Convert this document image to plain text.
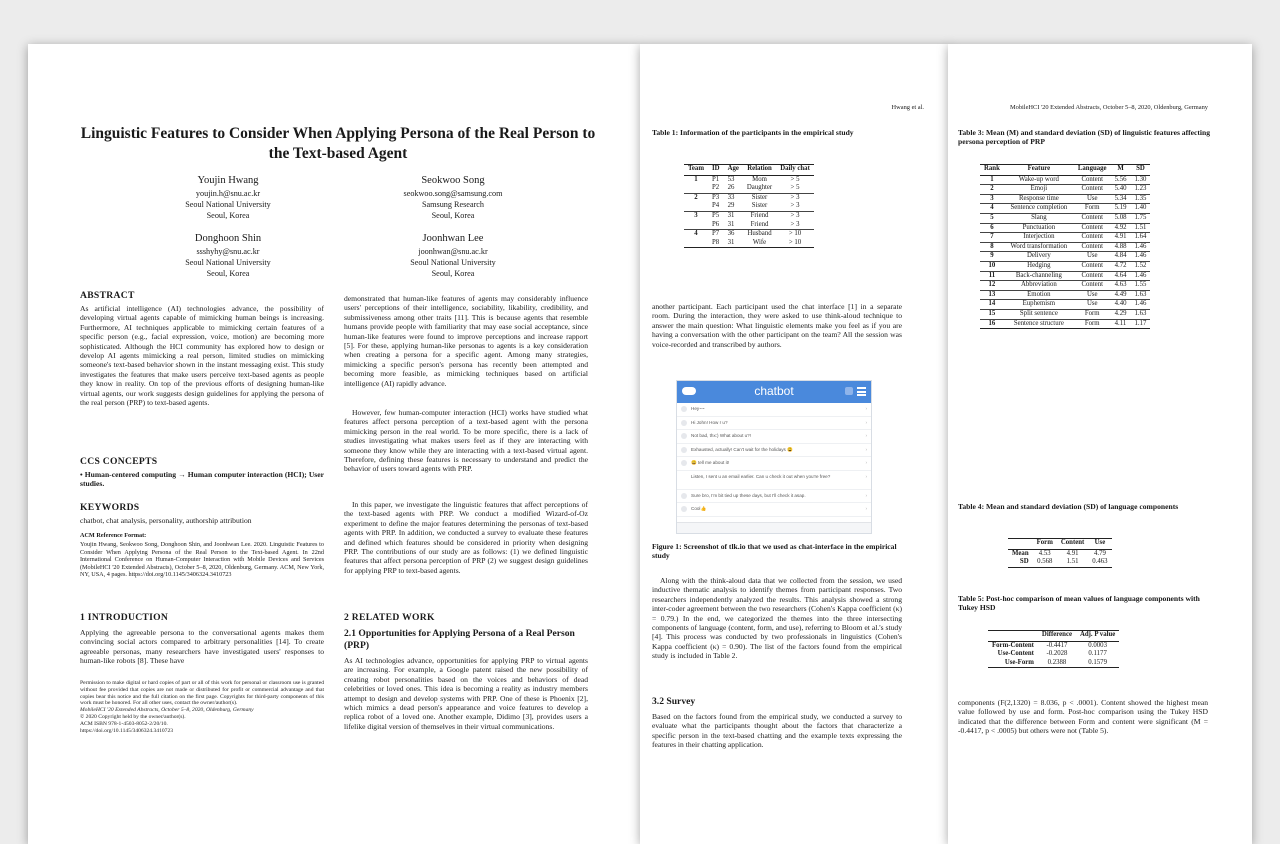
Linguistic Features to Consider When Applying Persona of the Real Person to the Text-based Agent
Youjin Hwang
youjin.h@snu.ac.kr
Seoul National University
Seoul, Korea
Seokwoo Song
seokwoo.song@samsung.com
Samsung Research
Seoul, Korea
Donghoon Shin
ssshyhy@snu.ac.kr
Seoul National University
Seoul, Korea
Joonhwan Lee
joonhwan@snu.ac.kr
Seoul National University
Seoul, Korea
ABSTRACT
As artificial intelligence (AI) technologies advance, the possibility of developing virtual agents capable of mimicking human beings is increasing. Furthermore, AI techniques applicable to mimicking certain features of a specific person (e.g., facial expression, voice, motion) are becoming more sophisticated. Although the HCI community has explored how to design or develop AI agents mimicking a real person, limited studies on mimicking someone's text-based behavior shown in the instant messaging exist. This study investigates the features that make users perceive text-based agents as people they know in reality. On top of the previous efforts of designing human-like virtual agents, our work suggests design guidelines for applying the persona of the real person (PRP) to text-based agents.
CCS CONCEPTS
• Human-centered computing → Human computer interaction (HCI); User studies.
KEYWORDS
chatbot, chat analysis, personality, authorship attribution
ACM Reference Format:
Youjin Hwang, Seokwoo Song, Donghoon Shin, and Joonhwan Lee. 2020. Linguistic Features to Consider When Applying Persona of the Real Person to the Text-based Agent. In 22nd International Conference on Human-Computer Interaction with Mobile Devices and Services (MobileHCI '20 Extended Abstracts), October 5–8, 2020, Oldenburg, Germany. ACM, New York, NY, USA, 4 pages. https://doi.org/10.1145/3406324.3410723
1 INTRODUCTION
Applying the agreeable persona to the conversational agents makes them convincing social actors compared to arbitrary personalities [14]. To create agreeable personas, many researchers have investigated users' responses to human-like robots [8]. These have
Permission to make digital or hard copies of part or all of this work for personal or classroom use is granted without fee provided that copies are not made or distributed for profit or commercial advantage and that copies bear this notice and the full citation on the first page. Copyrights for third-party components of this work must be honored. For all other uses, contact the owner/author(s).
MobileHCI '20 Extended Abstracts, October 5–8, 2020, Oldenburg, Germany
© 2020 Copyright held by the owner/author(s).
ACM ISBN 978-1-4503-8052-2/20/10.
https://doi.org/10.1145/3406324.3410723
demonstrated that human-like features of agents may considerably influence users' perceptions of their intelligence, sociability, likability, credibility, and submissiveness among other traits [11]. This is because agents that resemble humans provide people with familiarity that may ease social acceptance, since human-like features were found to improve perceptions and increase rapport [5]. For these, applying human-like personas to agents is a key consideration when creating a persona for a specific agent. Among many strategies, mimicking a specific person's persona has recently been attempted and becoming more feasible, as mimicking techniques based on artificial intelligence (AI) rapidly advance.
However, few human-computer interaction (HCI) works have studied what features affect persona perception of a text-based agent with the persona mimicking person in the real world. To be more specific, there is a lack of studies investigating what makes users feel as if they are interacting with someone they know while they are interacting with a text-based virtual agent. Therefore, defining these features is necessary to understand and predict the behavior of users toward agents with PRP.
In this paper, we investigate the linguistic features that affect perceptions of the text-based agents with PRP. We conduct a modified Wizard-of-Oz experiment to define the major features determining the personas of text-based agents with PRP. In addition, we conducted a survey to evaluate these features and defined which features should be considered in priority when designing PRP. The contributions of our study are as follows: (1) we defined linguistic features that affect persona perception of PRP (2) we suggest design guidelines for applying PRP to text-based agents.
2 RELATED WORK
2.1 Opportunities for Applying Persona of a Real Person (PRP)
As AI technologies advance, opportunities for applying PRP to virtual agents are increasing. For example, a Google patent raised the new possibility of creating robot personalities based on the voices and behaviors of dead celebrities or loved ones. This idea is becoming a reality as industry members attempt to design and develop systems with PRP. One of these is Phoenix [2], which mimics a dead person's appearance and voice features to develop a replica robot of a loved one. Another example, Didimo [3], provides users a lifelike digital version of themselves in their virtual communications.
Hwang et al.
Table 1: Information of the participants in the empirical study
Team	ID	Age	Relation	Daily chat
1	P1	53	Mom	> 5
	P2	26	Daughter	> 5
2	P3	33	Sister	> 3
	P4	29	Sister	> 3
3	P5	31	Friend	> 3
	P6	31	Friend	> 3
4	P7	36	Husband	> 10
	P8	31	Wife	> 10
another participant. Each participant used the chat interface [1] in a separate room. During the interaction, they were asked to use think-aloud technique to answer the main question: What linguistic elements make you feel as if you are having a conversation with the other participant on the team? All the session was voice-recorded and transcribed by authors.
chatbot
Hey~~	›
Hi John! How r u?	›
Not bad, thx:) What about u?!	›
Exhausted, actually! Can't wait for the holidays 😩	›
😄 tell me about it!	›
Listen, I sent u an email earlier. Can u check it out when you're free?	›
Sure bro, I'm bit tied up these days, but I'll check it asap.	›
Cool👍	›
Figure 1: Screenshot of tlk.io that we used as chat-interface in the empirical study
Along with the think-aloud data that we collected from the session, we used inductive thematic analysis to identify themes from participant responses. Two researchers independently analyzed the results. This analysis showed a strong inter-coder agreement between the two researchers (Cohen's Kappa coefficient (κ) = 0.79.) In the end, we categorized the themes into the three intersecting components of language (content, form, and use), referring to Bloom et al.'s study [4]. This process was conducted by two professionals in linguistics (Cohen's Kappa coefficient (κ) = 0.90). The list of the factors found from the empirical study is included in Table 2.
3.2 Survey
Based on the factors found from the empirical study, we conducted a survey to evaluate what the participants thought about the factors that characterize a specific person in the text-based chatting and the example texts expressing the features in their chatting application.
MobileHCI '20 Extended Abstracts, October 5–8, 2020, Oldenburg, Germany
Table 3: Mean (M) and standard deviation (SD) of linguistic features affecting persona perception of PRP
Rank	Feature	Language	M	SD
1	Wake-up word	Content	5.56	1.30
2	Emoji	Content	5.40	1.23
3	Response time	Use	5.34	1.35
4	Sentence completion	Form	5.19	1.40
5	Slang	Content	5.08	1.75
6	Punctuation	Content	4.92	1.51
7	Interjection	Content	4.91	1.64
8	Word transformation	Content	4.88	1.46
9	Delivery	Use	4.84	1.46
10	Hedging	Content	4.72	1.52
11	Back-channeling	Content	4.64	1.46
12	Abbreviation	Content	4.63	1.55
13	Emotion	Use	4.49	1.63
14	Euphemism	Use	4.40	1.46
15	Split sentence	Form	4.29	1.63
16	Sentence structure	Form	4.11	1.17
Table 4: Mean and standard deviation (SD) of language components
	Form	Content	Use
Mean	4.53	4.91	4.79
SD	0.568	1.51	0.463
Table 5: Post-hoc comparison of mean values of language components with Tukey HSD
	Difference	Adj. P value
Form-Content	-0.4417	0.0003
Use-Content	-0.2028	0.1177
Use-Form	0.2388	0.1579
components (F(2,1320) = 8.036, p < .0001). Content showed the highest mean value followed by use and form. Post-hoc comparison using the Tukey HSD indicated that the difference between Form and content were significant (M = -0.4417, p < .0005) but others were not (Table 5).
